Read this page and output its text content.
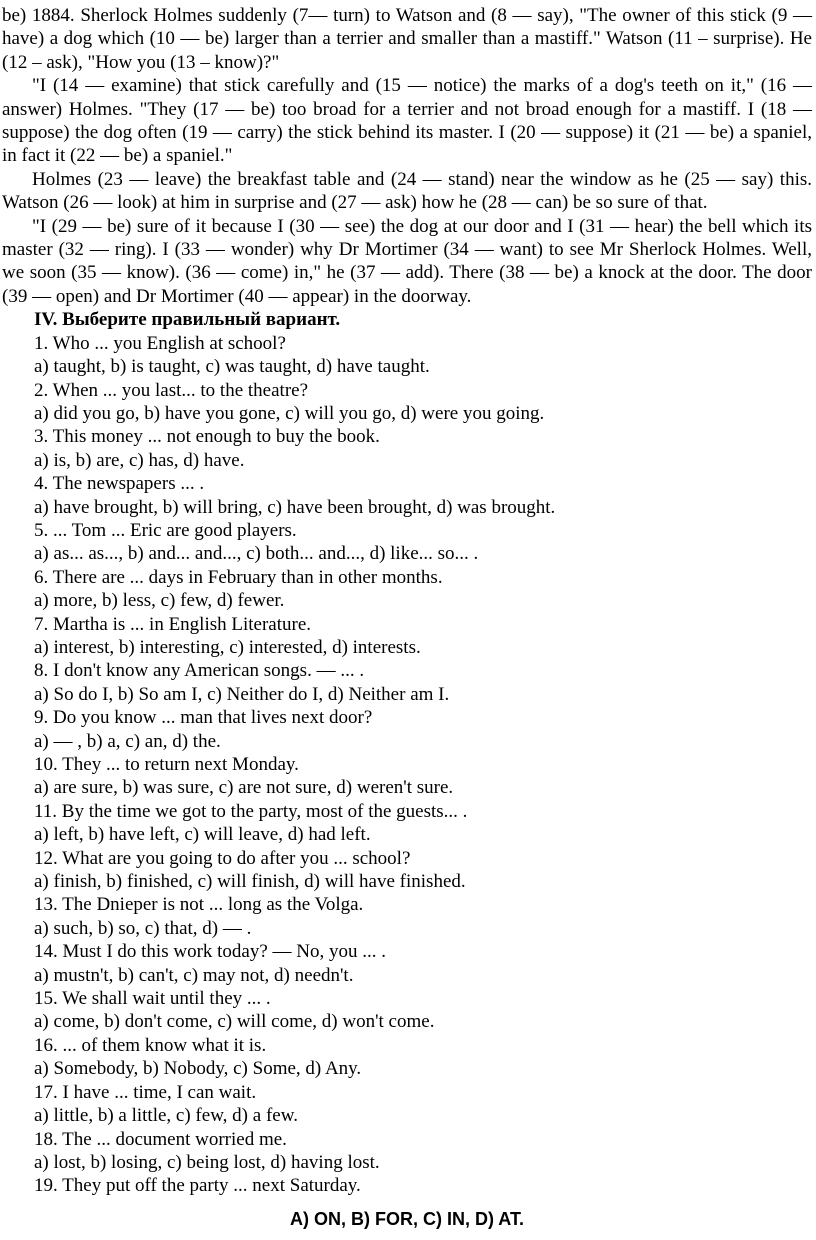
be) 1884. Sherlock Holmes suddenly (7— turn) to Watson and (8 — say), "The owner of this stick (9 — have) a dog which (10 — be) larger than a terrier and smaller than a mastiff." Watson (11 – surprise). He (12 – ask), "How you (13 – know)?"

"I (14 — examine) that stick carefully and (15 — notice) the marks of a dog's teeth on it," (16 — answer) Holmes. "They (17 — be) too broad for a terrier and not broad enough for a mastiff. I (18 — suppose) the dog often (19 — carry) the stick behind its master. I (20 — suppose) it (21 — be) a spaniel, in fact it (22 — be) a spaniel."

Holmes (23 — leave) the breakfast table and (24 — stand) near the window as he (25 — say) this. Watson (26 — look) at him in surprise and (27 — ask) how he (28 — can) be so sure of that.

"I (29 — be) sure of it because I (30 — see) the dog at our door and I (31 — hear) the bell which its master (32 — ring). I (33 — wonder) why Dr Mortimer (34 — want) to see Mr Sherlock Holmes. Well, we soon (35 — know). (36 — come) in," he (37 — add). There (38 — be) a knock at the door. The door (39 — open) and Dr Mortimer (40 — appear) in the doorway.

IV. Выберите правильный вариант.

1. Who ... you English at school?

a) taught, b) is taught, c) was taught, d) have taught.

2. When ... you last... to the theatre?

a) did you go, b) have you gone, c) will you go, d) were you going.

3. This money ... not enough to buy the book.

a) is, b) are, c) has, d) have.

4. The newspapers ... .

a) have brought, b) will bring, c) have been brought, d) was brought.

5. ... Tom ... Eric are good players.

a) as... as..., b) and... and..., c) both... and..., d) like... so... .

6. There are ... days in February than in other months.

a) more, b) less, c) few, d) fewer.

7. Martha is ... in English Literature.

a) interest, b) interesting, c) interested, d) interests.

8. I don't know any American songs. — ... .

a) So do I, b) So am I, c) Neither do I, d) Neither am I.

9. Do you know ... man that lives next door?

a) — , b) a, c) an, d) the.

10. They ... to return next Monday.

a) are sure, b) was sure, c) are not sure, d) weren't sure.

11. By the time we got to the party, most of the guests... .

a) left, b) have left, c) will leave, d) had left.

12. What are you going to do after you ... school?

a) finish, b) finished, c) will finish, d) will have finished.

13. The Dnieper is not ... long as the Volga.

a) such, b) so, c) that, d) — .

14. Must I do this work today? — No, you ... .

a) mustn't, b) can't, c) may not, d) needn't.

15. We shall wait until they ... .

a) come, b) don't come, c) will come, d) won't come.

16. ... of them know what it is.

a) Somebody, b) Nobody, c) Some, d) Any.

17. I have ... time, I can wait.

a) little, b) a little, c) few, d) a few.

18. The ... document worried me.

a) lost, b) losing, c) being lost, d) having lost.

19. They put off the party ... next Saturday.

A) ON, B) FOR, C) IN, D) AT.
